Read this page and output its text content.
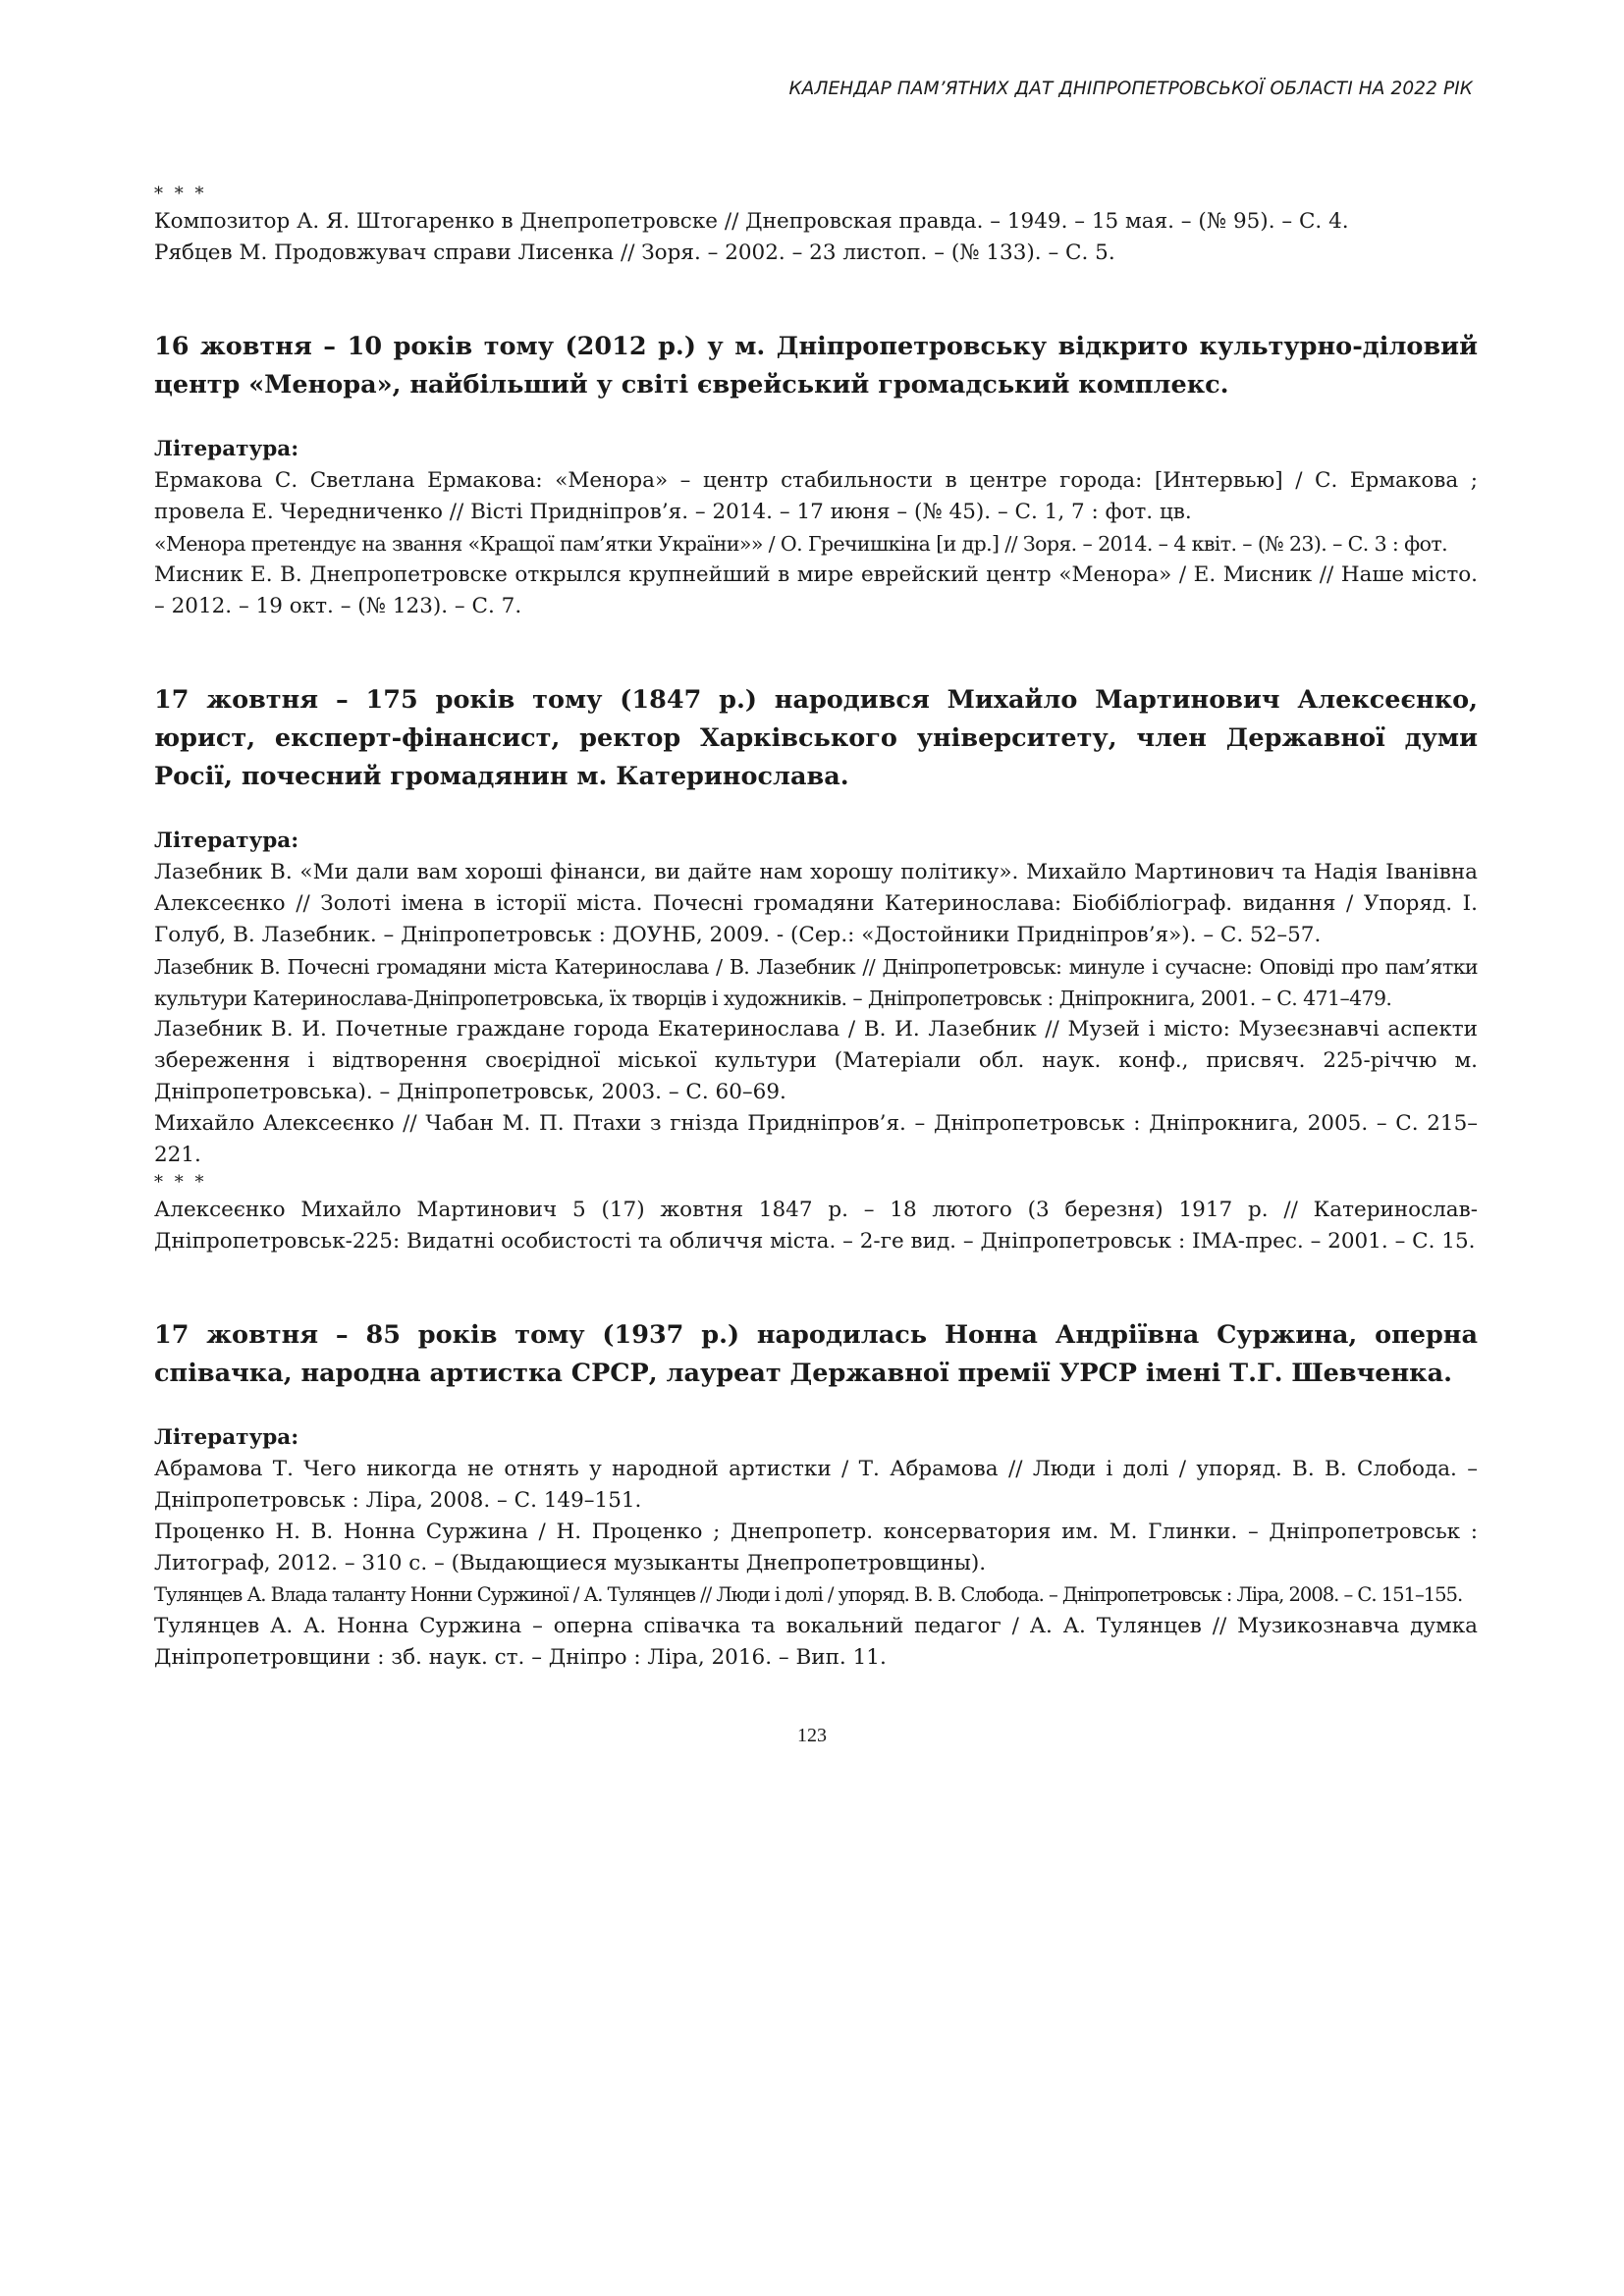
КАЛЕНДАР ПАМ’ЯТНИХ ДАТ ДНІПРОПЕТРОВСЬКОЇ ОБЛАСТІ НА 2022 РІК

* * *

Композитор А. Я. Штогаренко в Днепропетровске // Днепровская правда. – 1949. – 15 мая. – (№ 95). – С. 4.

Рябцев М. Продовжувач справи Лисенка // Зоря. – 2002. – 23 листоп. – (№ 133). – С. 5.

16 жовтня – 10 років тому (2012 р.) у м. Дніпропетровську відкрито культурно-діловий центр «Менора», найбільший у світі єврейський громадський комплекс.

Література:

Ермакова С. Светлана Ермакова: «Менора» – центр стабильности в центре города: [Интервью] / С. Ермакова ; провела Е. Чередниченко // Вісті Придніпров’я. – 2014. – 17 июня – (№ 45). – С. 1, 7 : фот. цв.

«Менора претендує на звання «Кращої пам’ятки України»» / О. Гречишкіна [и др.] // Зоря. – 2014. – 4 квіт. – (№ 23). – С. 3 : фот.

Мисник Е. В. Днепропетровске открылся крупнейший в мире еврейский центр «Менора» / Е. Мисник // Наше місто. – 2012. – 19 окт. – (№ 123). – С. 7.

17 жовтня – 175 років тому (1847 р.) народився Михайло Мартинович Алексеєнко, юрист, експерт-фінансист, ректор Харківського університету, член Державної думи Росії, почесний громадянин м. Катеринослава.

Література:

Лазебник В. «Ми дали вам хороші фінанси, ви дайте нам хорошу політику». Михайло Мартинович та Надія Іванівна Алексеєнко // Золоті імена в історії міста. Почесні громадяни Катеринослава: Біобібліограф. видання / Упоряд. І. Голуб, В. Лазебник. – Дніпропетровськ : ДОУНБ, 2009. - (Сер.: «Достойники Придніпров’я»). – С. 52–57.

Лазебник В. Почесні громадяни міста Катеринослава / В. Лазебник // Дніпропетровськ: минуле і сучасне: Оповіді про пам’ятки культури Катеринослава-Дніпропетровська, їх творців і художників. – Дніпропетровськ : Дніпрокнига, 2001. – С. 471–479.

Лазебник В. И. Почетные граждане города Екатеринослава / В. И. Лазебник // Музей і місто: Музеєзнавчі аспекти збереження і відтворення своєрідної міської культури (Матеріали обл. наук. конф., присвяч. 225-річчю м. Дніпропетровська). – Дніпропетровськ, 2003. – С. 60–69.

Михайло Алексеєнко // Чабан М. П. Птахи з гнізда Придніпров’я. – Дніпропетровськ : Дніпрокнига, 2005. – С. 215–221.

* * *

Алексеєнко Михайло Мартинович 5 (17) жовтня 1847 р. – 18 лютого (3 березня) 1917 р. // Катеринослав-Дніпропетровськ-225: Видатні особистості та обличчя міста. – 2-ге вид. – Дніпропетровськ : ІМА-прес. – 2001. – С. 15.

17 жовтня – 85 років тому (1937 р.) народилась Нонна Андріївна Суржина, оперна співачка, народна артистка СРСР, лауреат Державної премії УРСР імені Т.Г. Шевченка.

Література:

Абрамова Т. Чего никогда не отнять у народной артистки / Т. Абрамова // Люди і долі / упоряд. В. В. Слобода. – Дніпропетровськ : Ліра, 2008. – С. 149–151.

Проценко Н. В. Нонна Суржина / Н. Проценко ; Днепропетр. консерватория им. М. Глинки. – Дніпропетровськ : Литограф, 2012. – 310 с. – (Выдающиеся музыканты Днепропетровщины).

Тулянцев А. Влада таланту Нонни Суржиної / А. Тулянцев // Люди і долі / упоряд. В. В. Слобода. – Дніпропетровськ : Ліра, 2008. – С. 151–155.

Тулянцев А. А. Нонна Суржина – оперна співачка та вокальний педагог / А. А. Тулянцев // Музикознавча думка Дніпропетровщини : зб. наук. ст. – Дніпро : Ліра, 2016. – Вип. 11.

123
